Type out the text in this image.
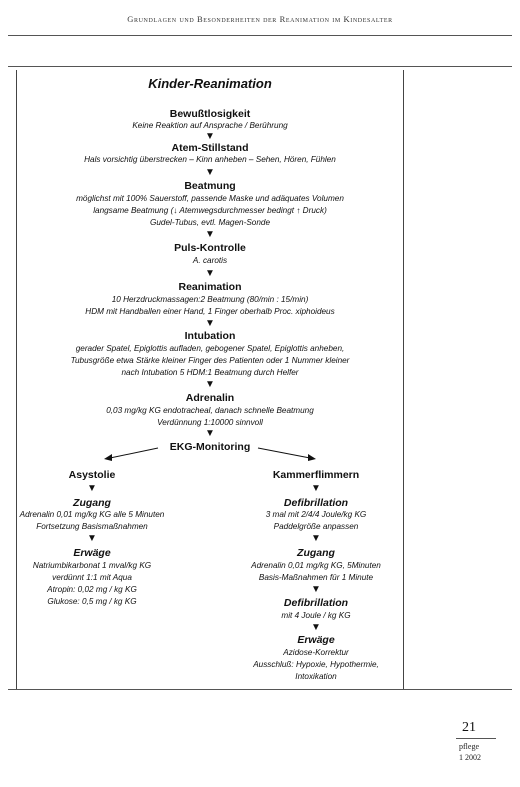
Grundlagen und Besonderheiten der Reanimation im Kindesalter
Kinder-Reanimation
Bewußtlosigkeit
Keine Reaktion auf Ansprache / Berührung
▼
Atem-Stillstand
Hals vorsichtig überstrecken – Kinn anheben – Sehen, Hören, Fühlen
▼
Beatmung
möglichst mit 100% Sauerstoff, passende Maske und adäquates Volumen
langsame Beatmung (↓ Atemwegsdurchmesser bedingt ↑ Druck)
Gudel-Tubus, evtl. Magen-Sonde
▼
Puls-Kontrolle
A. carotis
▼
Reanimation
10 Herzdruckmassagen:2 Beatmung (80/min : 15/min)
HDM mit Handballen einer Hand, 1 Finger oberhalb Proc. xiphoideus
▼
Intubation
gerader Spatel, Epiglottis aufladen, gebogener Spatel, Epiglottis anheben,
Tubusgröße etwa Stärke kleiner Finger des Patienten oder 1 Nummer kleiner
nach Intubation 5 HDM:1 Beatmung durch Helfer
▼
Adrenalin
0,03 mg/kg KG endotracheal, danach schnelle Beatmung
Verdünnung 1:10000 sinnvoll
▼
EKG-Monitoring
Asystolie
▼
Zugang
Adrenalin 0,01 mg/kg KG alle 5 Minuten
Fortsetzung Basismaßnahmen
▼
Erwäge
Natriumbikarbonat 1 mval/kg KG
verdünnt 1:1 mit Aqua
Atropin: 0,02 mg / kg KG
Glukose: 0,5 mg / kg KG
Kammerflimmern
▼
Defibrillation
3 mal mit 2/4/4 Joule/kg KG
Paddelgröße anpassen
▼
Zugang
Adrenalin 0,01 mg/kg KG, 5Minuten
Basis-Maßnahmen für 1 Minute
▼
Defibrillation
mit 4 Joule / kg KG
▼
Erwäge
Azidose-Korrektur
Ausschluß: Hypoxie, Hypothermie,
Intoxikation
21
pflege
1 2002
